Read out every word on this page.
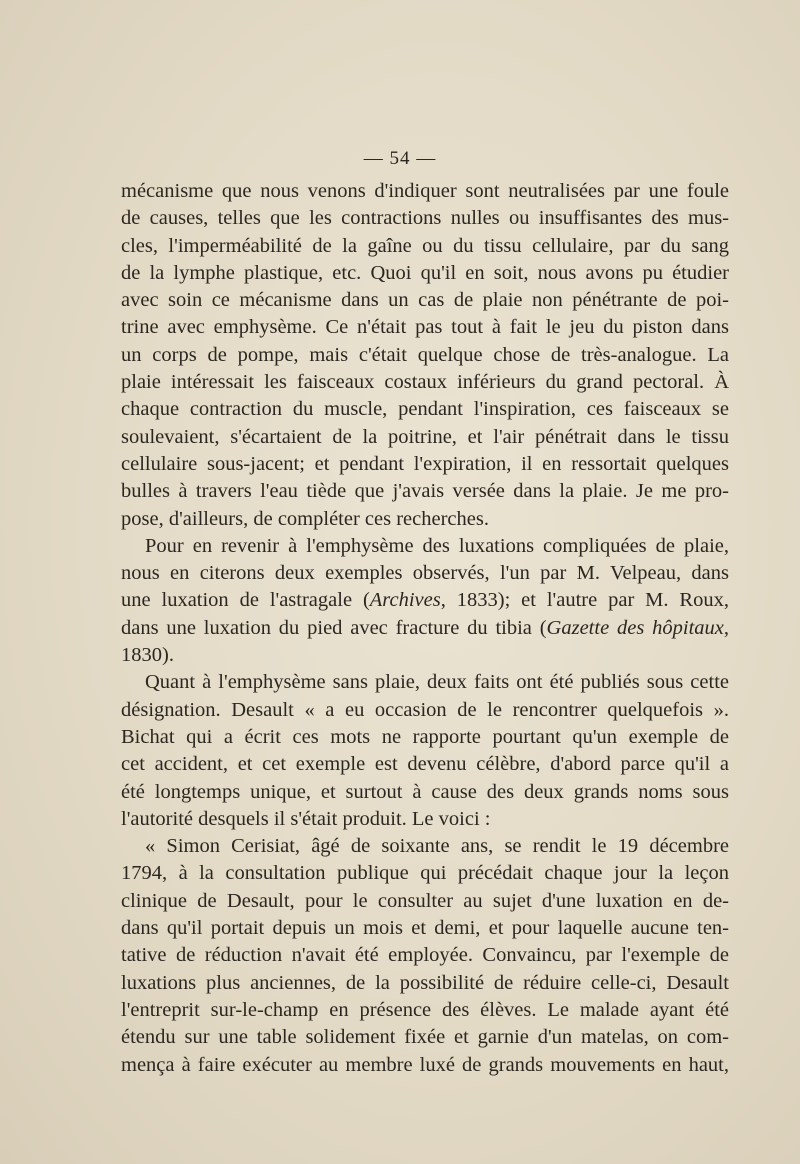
— 54 —
mécanisme que nous venons d'indiquer sont neutralisées par une foule
de causes, telles que les contractions nulles ou insuffisantes des mus-
cles, l'imperméabilité de la gaîne ou du tissu cellulaire, par du sang
de la lymphe plastique, etc. Quoi qu'il en soit, nous avons pu étudier
avec soin ce mécanisme dans un cas de plaie non pénétrante de poi-
trine avec emphysème. Ce n'était pas tout à fait le jeu du piston dans
un corps de pompe, mais c'était quelque chose de très-analogue. La
plaie intéressait les faisceaux costaux inférieurs du grand pectoral. À
chaque contraction du muscle, pendant l'inspiration, ces faisceaux se
soulevaient, s'écartaient de la poitrine, et l'air pénétrait dans le tissu
cellulaire sous-jacent; et pendant l'expiration, il en ressortait quelques
bulles à travers l'eau tiède que j'avais versée dans la plaie. Je me pro-
pose, d'ailleurs, de compléter ces recherches.
Pour en revenir à l'emphysème des luxations compliquées de plaie,
nous en citerons deux exemples observés, l'un par M. Velpeau, dans
une luxation de l'astragale (Archives, 1833); et l'autre par M. Roux,
dans une luxation du pied avec fracture du tibia (Gazette des hôpitaux,
1830).
Quant à l'emphysème sans plaie, deux faits ont été publiés sous cette
désignation. Desault « a eu occasion de le rencontrer quelquefois ».
Bichat qui a écrit ces mots ne rapporte pourtant qu'un exemple de
cet accident, et cet exemple est devenu célèbre, d'abord parce qu'il a
été longtemps unique, et surtout à cause des deux grands noms sous
l'autorité desquels il s'était produit. Le voici :
« Simon Cerisiat, âgé de soixante ans, se rendit le 19 décembre
1794, à la consultation publique qui précédait chaque jour la leçon
clinique de Desault, pour le consulter au sujet d'une luxation en de-
dans qu'il portait depuis un mois et demi, et pour laquelle aucune ten-
tative de réduction n'avait été employée. Convaincu, par l'exemple de
luxations plus anciennes, de la possibilité de réduire celle-ci, Desault
l'entreprit sur-le-champ en présence des élèves. Le malade ayant été
étendu sur une table solidement fixée et garnie d'un matelas, on com-
mença à faire exécuter au membre luxé de grands mouvements en haut,
